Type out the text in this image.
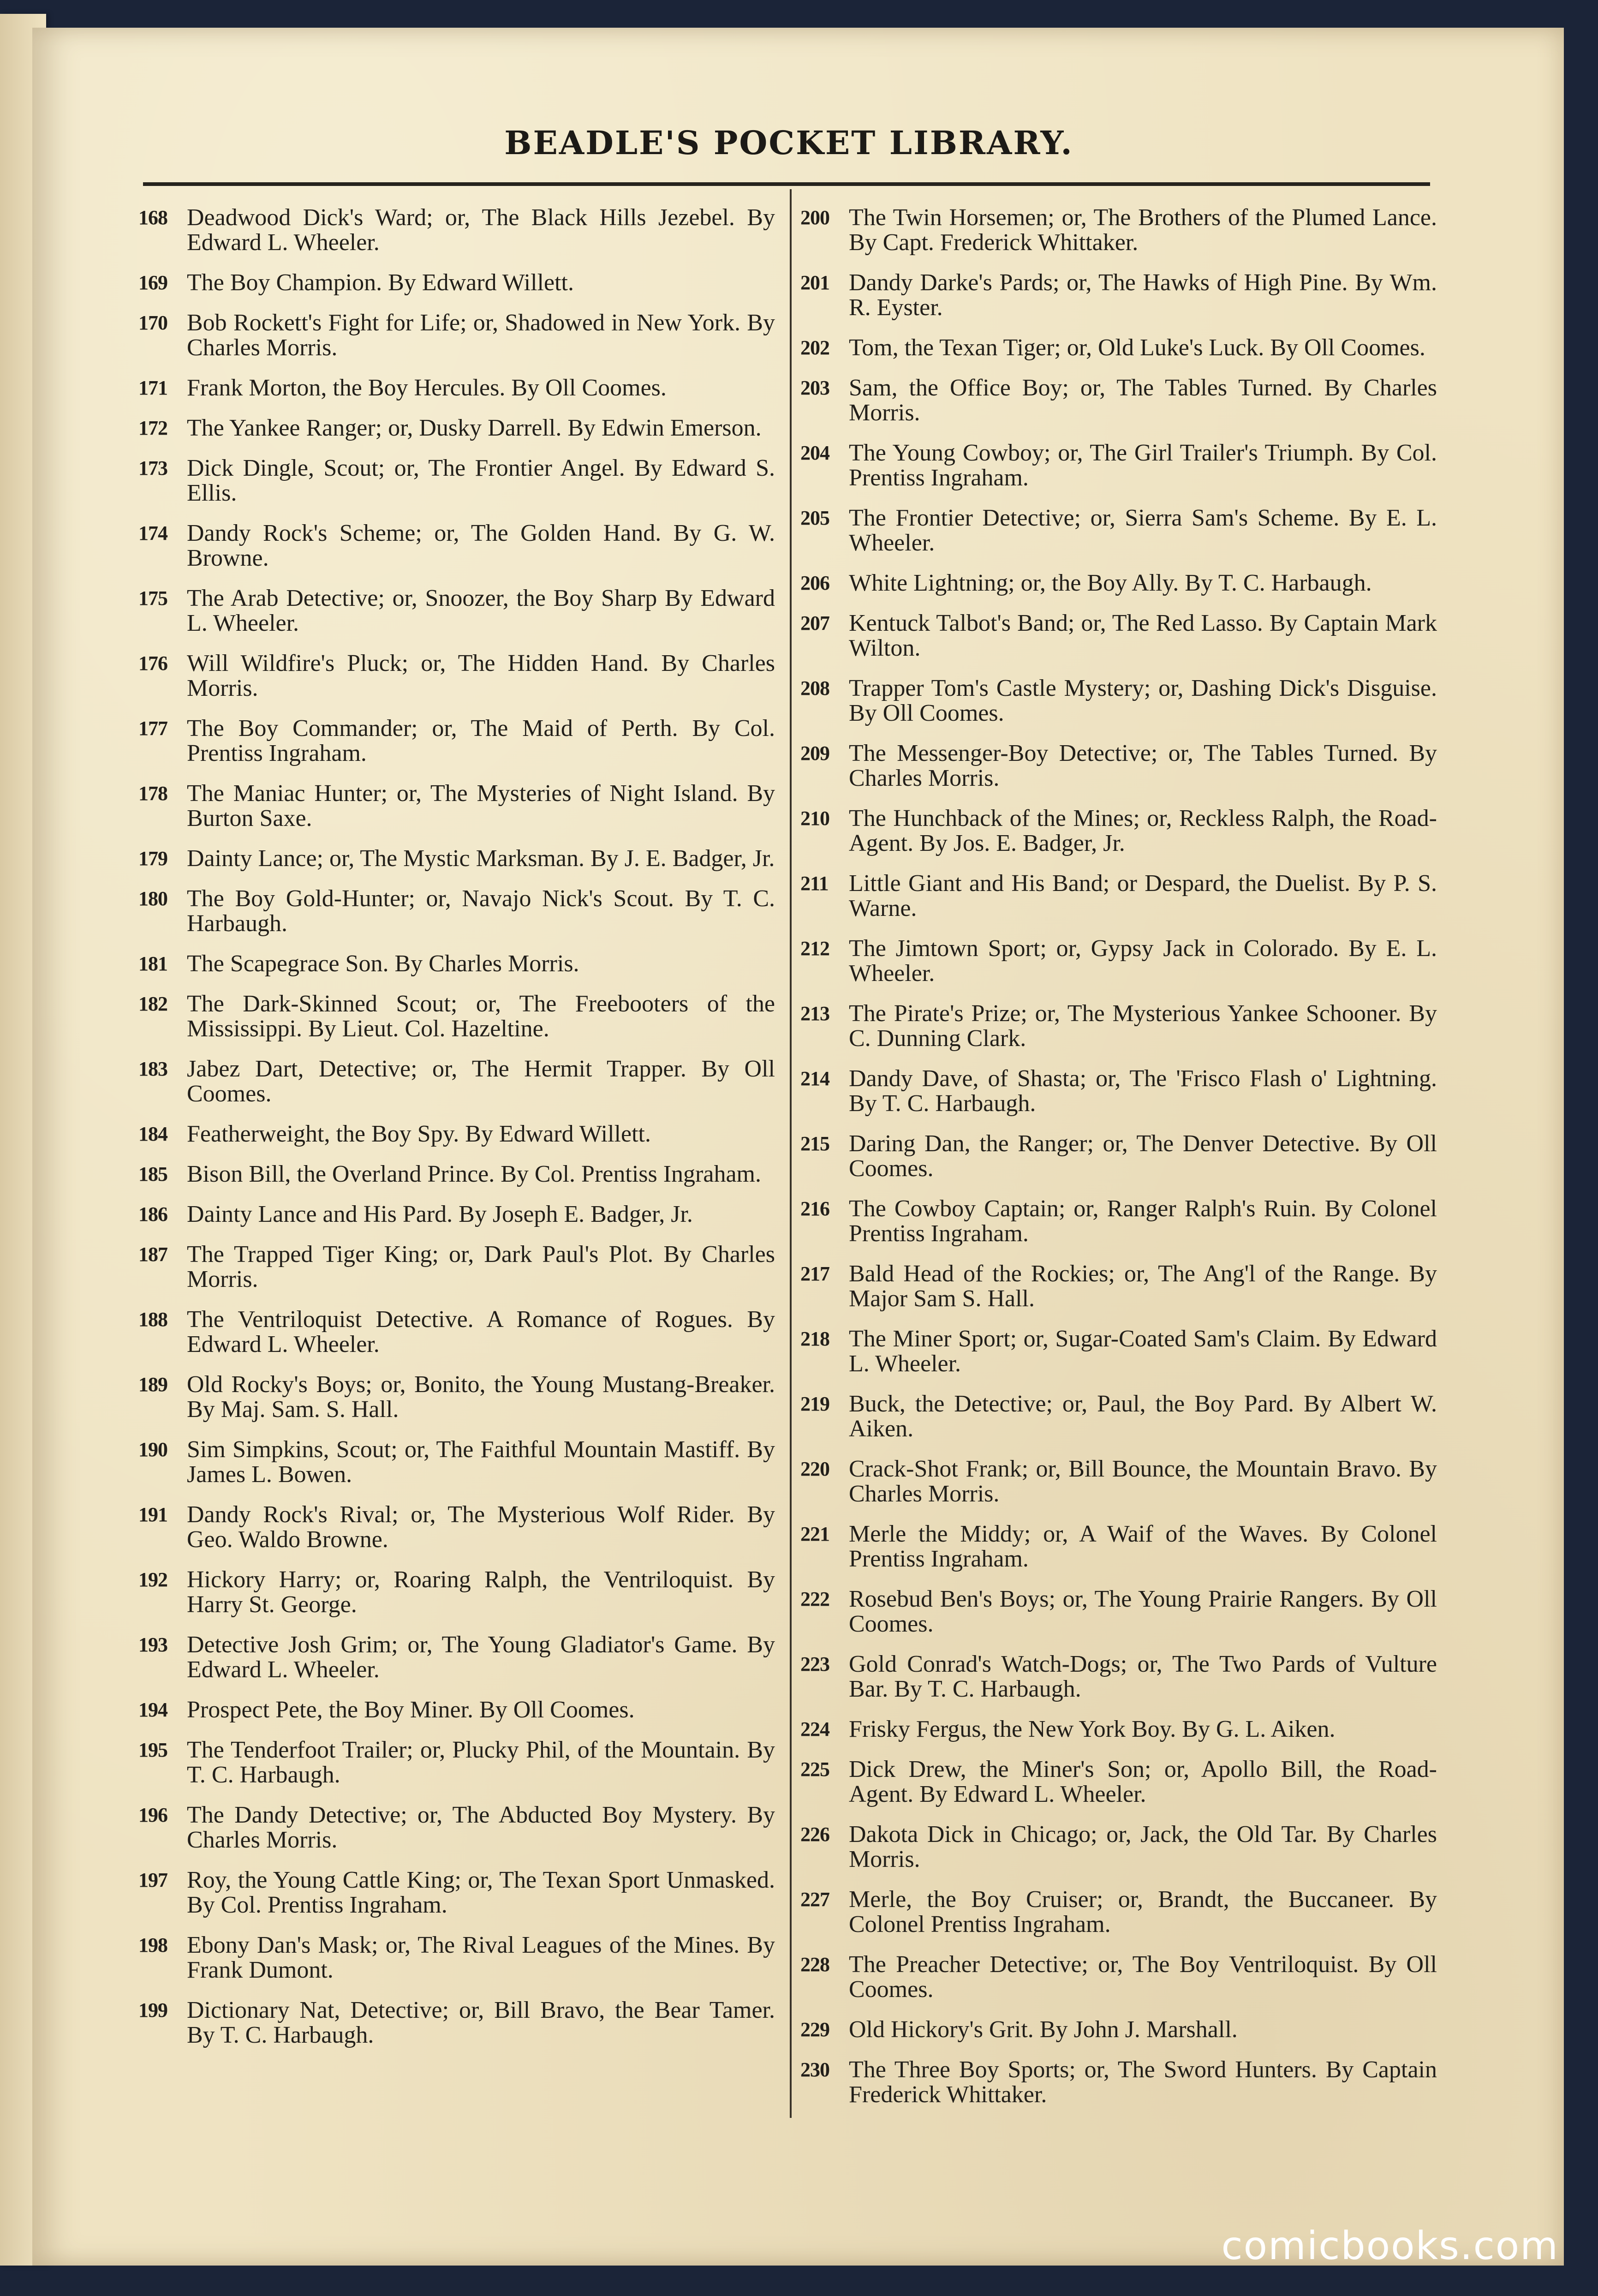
BEADLE'S POCKET LIBRARY.
168 Deadwood Dick's Ward; or, The Black Hills Jezebel. By Edward L. Wheeler.
169 The Boy Champion. By Edward Willett.
170 Bob Rockett's Fight for Life; or, Shadowed in New York. By Charles Morris.
171 Frank Morton, the Boy Hercules. By Oll Coomes.
172 The Yankee Ranger; or, Dusky Darrell. By Edwin Emerson.
173 Dick Dingle, Scout; or, The Frontier Angel. By Edward S. Ellis.
174 Dandy Rock's Scheme; or, The Golden Hand. By G. W. Browne.
175 The Arab Detective; or, Snoozer, the Boy Sharp By Edward L. Wheeler.
176 Will Wildfire's Pluck; or, The Hidden Hand. By Charles Morris.
177 The Boy Commander; or, The Maid of Perth. By Col. Prentiss Ingraham.
178 The Maniac Hunter; or, The Mysteries of Night Island. By Burton Saxe.
179 Dainty Lance; or, The Mystic Marksman. By J. E. Badger, Jr.
180 The Boy Gold-Hunter; or, Navajo Nick's Scout. By T. C. Harbaugh.
181 The Scapegrace Son. By Charles Morris.
182 The Dark-Skinned Scout; or, The Freebooters of the Mississippi. By Lieut. Col. Hazeltine.
183 Jabez Dart, Detective; or, The Hermit Trapper. By Oll Coomes.
184 Featherweight, the Boy Spy. By Edward Willett.
185 Bison Bill, the Overland Prince. By Col. Prentiss Ingraham.
186 Dainty Lance and His Pard. By Joseph E. Badger, Jr.
187 The Trapped Tiger King; or, Dark Paul's Plot. By Charles Morris.
188 The Ventriloquist Detective. A Romance of Rogues. By Edward L. Wheeler.
189 Old Rocky's Boys; or, Bonito, the Young Mustang-Breaker. By Maj. Sam. S. Hall.
190 Sim Simpkins, Scout; or, The Faithful Mountain Mastiff. By James L. Bowen.
191 Dandy Rock's Rival; or, The Mysterious Wolf Rider. By Geo. Waldo Browne.
192 Hickory Harry; or, Roaring Ralph, the Ventriloquist. By Harry St. George.
193 Detective Josh Grim; or, The Young Gladiator's Game. By Edward L. Wheeler.
194 Prospect Pete, the Boy Miner. By Oll Coomes.
195 The Tenderfoot Trailer; or, Plucky Phil, of the Mountain. By T. C. Harbaugh.
196 The Dandy Detective; or, The Abducted Boy Mystery. By Charles Morris.
197 Roy, the Young Cattle King; or, The Texan Sport Unmasked. By Col. Prentiss Ingraham.
198 Ebony Dan's Mask; or, The Rival Leagues of the Mines. By Frank Dumont.
199 Dictionary Nat, Detective; or, Bill Bravo, the Bear Tamer. By T. C. Harbaugh.
200 The Twin Horsemen; or, The Brothers of the Plumed Lance. By Capt. Frederick Whittaker.
201 Dandy Darke's Pards; or, The Hawks of High Pine. By Wm. R. Eyster.
202 Tom, the Texan Tiger; or, Old Luke's Luck. By Oll Coomes.
203 Sam, the Office Boy; or, The Tables Turned. By Charles Morris.
204 The Young Cowboy; or, The Girl Trailer's Triumph. By Col. Prentiss Ingraham.
205 The Frontier Detective; or, Sierra Sam's Scheme. By E. L. Wheeler.
206 White Lightning; or, the Boy Ally. By T. C. Harbaugh.
207 Kentuck Talbot's Band; or, The Red Lasso. By Captain Mark Wilton.
208 Trapper Tom's Castle Mystery; or, Dashing Dick's Disguise. By Oll Coomes.
209 The Messenger-Boy Detective; or, The Tables Turned. By Charles Morris.
210 The Hunchback of the Mines; or, Reckless Ralph, the Road-Agent. By Jos. E. Badger, Jr.
211 Little Giant and His Band; or Despard, the Duelist. By P. S. Warne.
212 The Jimtown Sport; or, Gypsy Jack in Colorado. By E. L. Wheeler.
213 The Pirate's Prize; or, The Mysterious Yankee Schooner. By C. Dunning Clark.
214 Dandy Dave, of Shasta; or, The 'Frisco Flash o' Lightning. By T. C. Harbaugh.
215 Daring Dan, the Ranger; or, The Denver Detective. By Oll Coomes.
216 The Cowboy Captain; or, Ranger Ralph's Ruin. By Colonel Prentiss Ingraham.
217 Bald Head of the Rockies; or, The Ang'l of the Range. By Major Sam S. Hall.
218 The Miner Sport; or, Sugar-Coated Sam's Claim. By Edward L. Wheeler.
219 Buck, the Detective; or, Paul, the Boy Pard. By Albert W. Aiken.
220 Crack-Shot Frank; or, Bill Bounce, the Mountain Bravo. By Charles Morris.
221 Merle the Middy; or, A Waif of the Waves. By Colonel Prentiss Ingraham.
222 Rosebud Ben's Boys; or, The Young Prairie Rangers. By Oll Coomes.
223 Gold Conrad's Watch-Dogs; or, The Two Pards of Vulture Bar. By T. C. Harbaugh.
224 Frisky Fergus, the New York Boy. By G. L. Aiken.
225 Dick Drew, the Miner's Son; or, Apollo Bill, the Road-Agent. By Edward L. Wheeler.
226 Dakota Dick in Chicago; or, Jack, the Old Tar. By Charles Morris.
227 Merle, the Boy Cruiser; or, Brandt, the Buccaneer. By Colonel Prentiss Ingraham.
228 The Preacher Detective; or, The Boy Ventriloquist. By Oll Coomes.
229 Old Hickory's Grit. By John J. Marshall.
230 The Three Boy Sports; or, The Sword Hunters. By Captain Frederick Whittaker.
comicbooks.com
